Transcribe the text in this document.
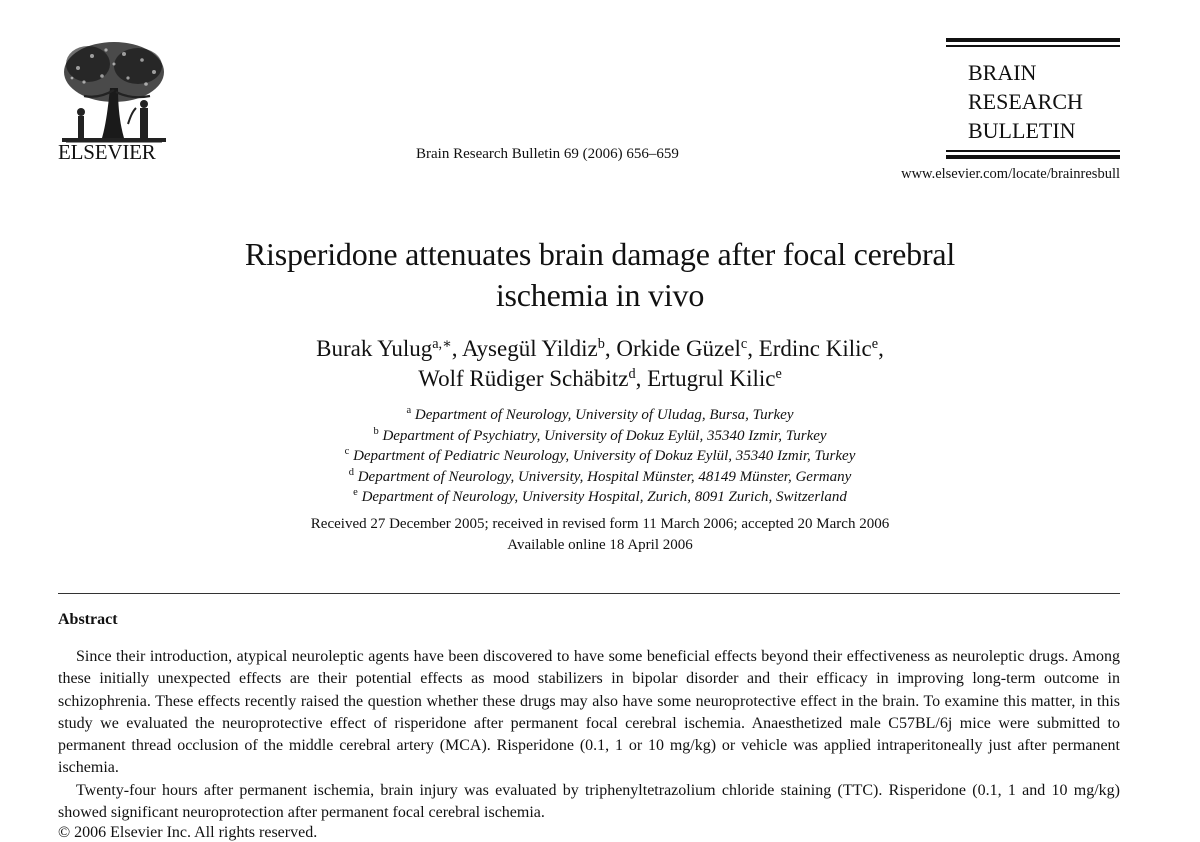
ELSEVIER	Brain Research Bulletin 69 (2006) 656–659
BRAIN
RESEARCH
BULLETIN
www.elsevier.com/locate/brainresbull
Risperidone attenuates brain damage after focal cerebral
ischemia in vivo
Burak Yulug$^{a,∗}$, Aysegül Yildiz$^b$, Orkide Güzel$^c$, Erdinc Kilic$^e$,
Wolf Rüdiger Schäbitz$^d$, Ertugrul Kilic$^e$
$^a$ Department of Neurology, University of Uludag, Bursa, Turkey
$^b$ Department of Psychiatry, University of Dokuz Eylül, 35340 Izmir, Turkey
$^c$ Department of Pediatric Neurology, University of Dokuz Eylül, 35340 Izmir, Turkey
$^d$ Department of Neurology, University, Hospital Münster, 48149 Münster, Germany
$^e$ Department of Neurology, University Hospital, Zurich, 8091 Zurich, Switzerland
Received 27 December 2005; received in revised form 11 March 2006; accepted 20 March 2006
Available online 18 April 2006
Abstract

Since their introduction, atypical neuroleptic agents have been discovered to have some beneficial effects beyond their effectiveness as neuroleptic drugs. Among these initially unexpected effects are their potential effects as mood stabilizers in bipolar disorder and their efficacy in improving long-term outcome in schizophrenia. These effects recently raised the question whether these drugs may also have some neuroprotective effect in the brain. To examine this matter, in this study we evaluated the neuroprotective effect of risperidone after permanent focal cerebral ischemia. Anaesthetized male C57BL/6j mice were submitted to permanent thread occlusion of the middle cerebral artery (MCA). Risperidone (0.1, 1 or 10 mg/kg) or vehicle was applied intraperitoneally just after permanent ischemia.

Twenty-four hours after permanent ischemia, brain injury was evaluated by triphenyltetrazolium chloride staining (TTC). Risperidone (0.1, 1 and 10 mg/kg) showed significant neuroprotection after permanent focal cerebral ischemia.

© 2006 Elsevier Inc. All rights reserved.
